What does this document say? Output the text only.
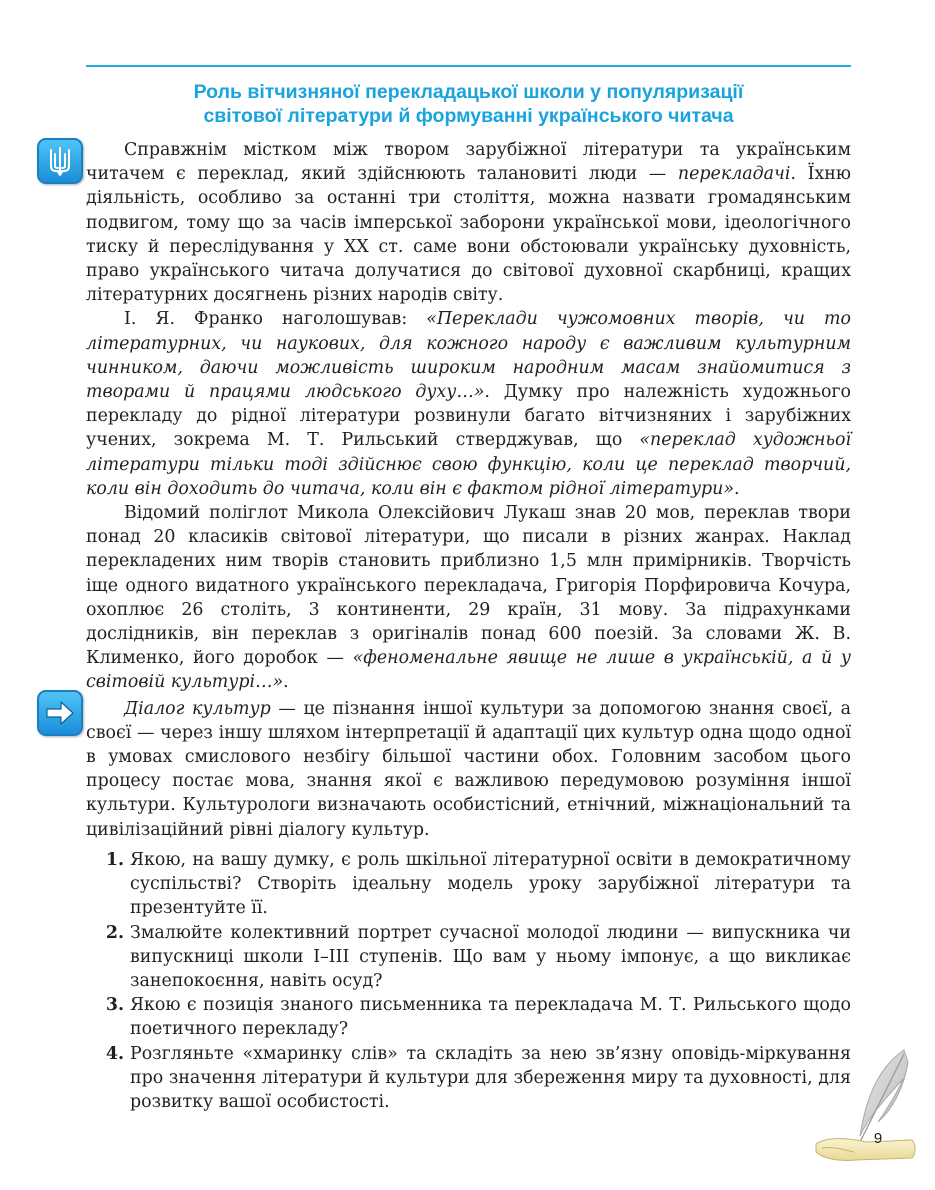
Роль вітчизняної перекладацької школи у популяризації
світової літератури й формуванні українського читача

Справжнім містком між твором зарубіжної літератури та українським читачем є переклад, який здійснюють талановиті люди — перекладачі. Їхню діяльність, особливо за останні три століття, можна назвати громадянським подвигом, тому що за часів імперської заборони української мови, ідеологічного тиску й переслідування у XX ст. саме вони обстоювали українську духовність, право українського читача долучатися до світової духовної скарбниці, кращих літературних досягнень різних народів світу.

І. Я. Франко наголошував: «Переклади чужомовних творів, чи то літературних, чи наукових, для кожного народу є важливим культурним чинником, даючи можливість широким народним масам знайомитися з творами й працями людського духу…». Думку про належність художнього перекладу до рідної літератури розвинули багато вітчизняних і зарубіжних учених, зокрема М. Т. Рильський стверджував, що «переклад художньої літератури тільки тоді здійснює свою функцію, коли це переклад творчий, коли він доходить до читача, коли він є фактом рідної літератури».

Відомий поліглот Микола Олексійович Лукаш знав 20 мов, переклав твори понад 20 класиків світової літератури, що писали в різних жанрах. Наклад перекладених ним творів становить приблизно 1,5 млн примірників. Творчість іще одного видатного українського перекладача, Григорія Порфировича Кочура, охоплює 26 століть, 3 континенти, 29 країн, 31 мову. За підрахунками дослідників, він переклав з оригіналів понад 600 поезій. За словами Ж. В. Клименко, його доробок — «феноменальне явище не лише в українській, а й у світовій культурі…».

Діалог культур — це пізнання іншої культури за допомогою знання своєї, а своєї — через іншу шляхом інтерпретації й адаптації цих культур одна щодо одної в умовах смислового незбігу більшої частини обох. Головним засобом цього процесу постає мова, знання якої є важливою передумовою розуміння іншої культури. Культурологи визначають особистісний, етнічний, міжнаціональний та цивілізаційний рівні діалогу культур.

1. Якою, на вашу думку, є роль шкільної літературної освіти в демократичному суспільстві? Створіть ідеальну модель уроку зарубіжної літератури та презентуйте її.
2. Змалюйте колективний портрет сучасної молодої людини — випускника чи випускниці школи I–III ступенів. Що вам у ньому імпонує, а що викликає занепокоєння, навіть осуд?
3. Якою є позиція знаного письменника та перекладача М. Т. Рильського щодо поетичного перекладу?
4. Розгляньте «хмаринку слів» та складіть за нею зв’язну оповідь-міркування про значення літератури й культури для збереження миру та духовності, для розвитку вашої особистості.
9
